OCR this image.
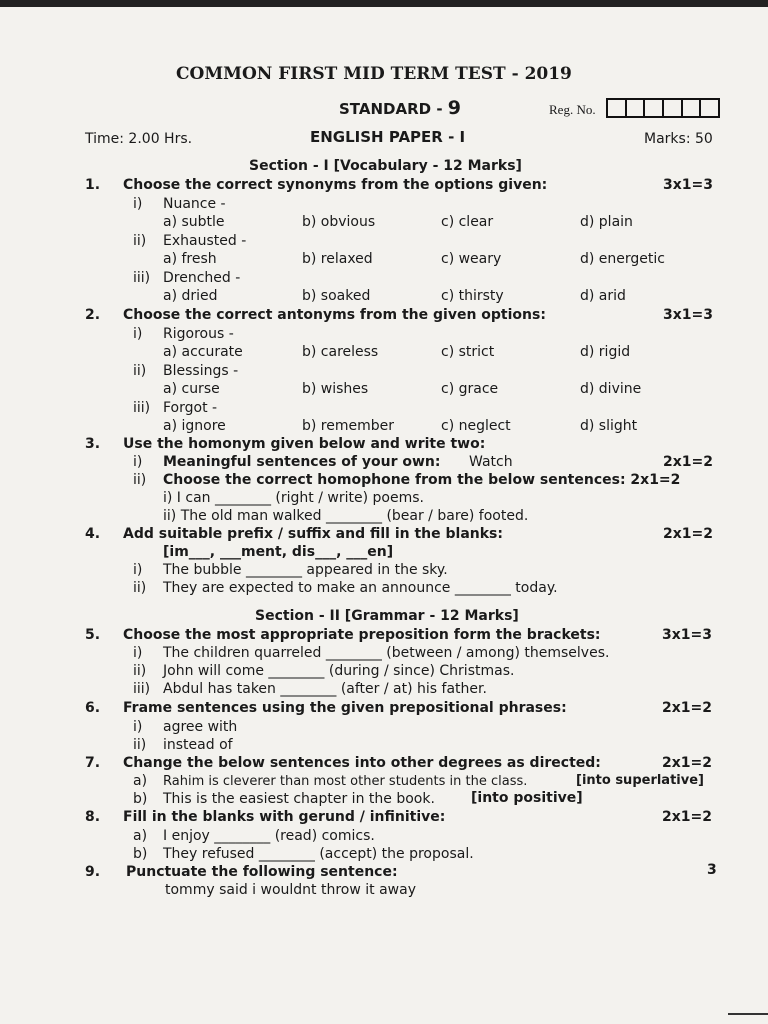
COMMON FIRST MID TERM TEST - 2019
STANDARD - 9	Reg. No.
Time: 2.00 Hrs.	ENGLISH PAPER - I	Marks: 50
Section - I [Vocabulary - 12 Marks]
1. Choose the correct synonyms from the options given:	3x1=3
i) Nuance -
a) subtle	b) obvious	c) clear	d) plain
ii) Exhausted -
a) fresh	b) relaxed	c) weary	d) energetic
iii) Drenched -
a) dried	b) soaked	c) thirsty	d) arid
2. Choose the correct antonyms from the given options:	3x1=3
i) Rigorous -
a) accurate	b) careless	c) strict	d) rigid
ii) Blessings -
a) curse	b) wishes	c) grace	d) divine
iii) Forgot -
a) ignore	b) remember	c) neglect	d) slight
3. Use the homonym given below and write two:
i) Meaningful sentences of your own: Watch	2x1=2
ii) Choose the correct homophone from the below sentences: 2x1=2
i) I can ________ (right / write) poems.
ii) The old man walked ________ (bear / bare) footed.
4. Add suitable prefix / suffix and fill in the blanks:	2x1=2
[im___, ___ment, dis___, ___en]
i) The bubble ________ appeared in the sky.
ii) They are expected to make an announce ________ today.
Section - II [Grammar - 12 Marks]
5. Choose the most appropriate preposition form the brackets:	3x1=3
i) The children quarreled ________ (between / among) themselves.
ii) John will come ________ (during / since) Christmas.
iii) Abdul has taken ________ (after / at) his father.
6. Frame sentences using the given prepositional phrases:	2x1=2
i) agree with
ii) instead of
7. Change the below sentences into other degrees as directed:	2x1=2
a) Rahim is cleverer than most other students in the class.	[into superlative]
b) This is the easiest chapter in the book.	[into positive]
8. Fill in the blanks with gerund / infinitive:	2x1=2
a) I enjoy ________ (read) comics.
b) They refused ________ (accept) the proposal.
9. Punctuate the following sentence:	3
tommy said i wouldnt throw it away
